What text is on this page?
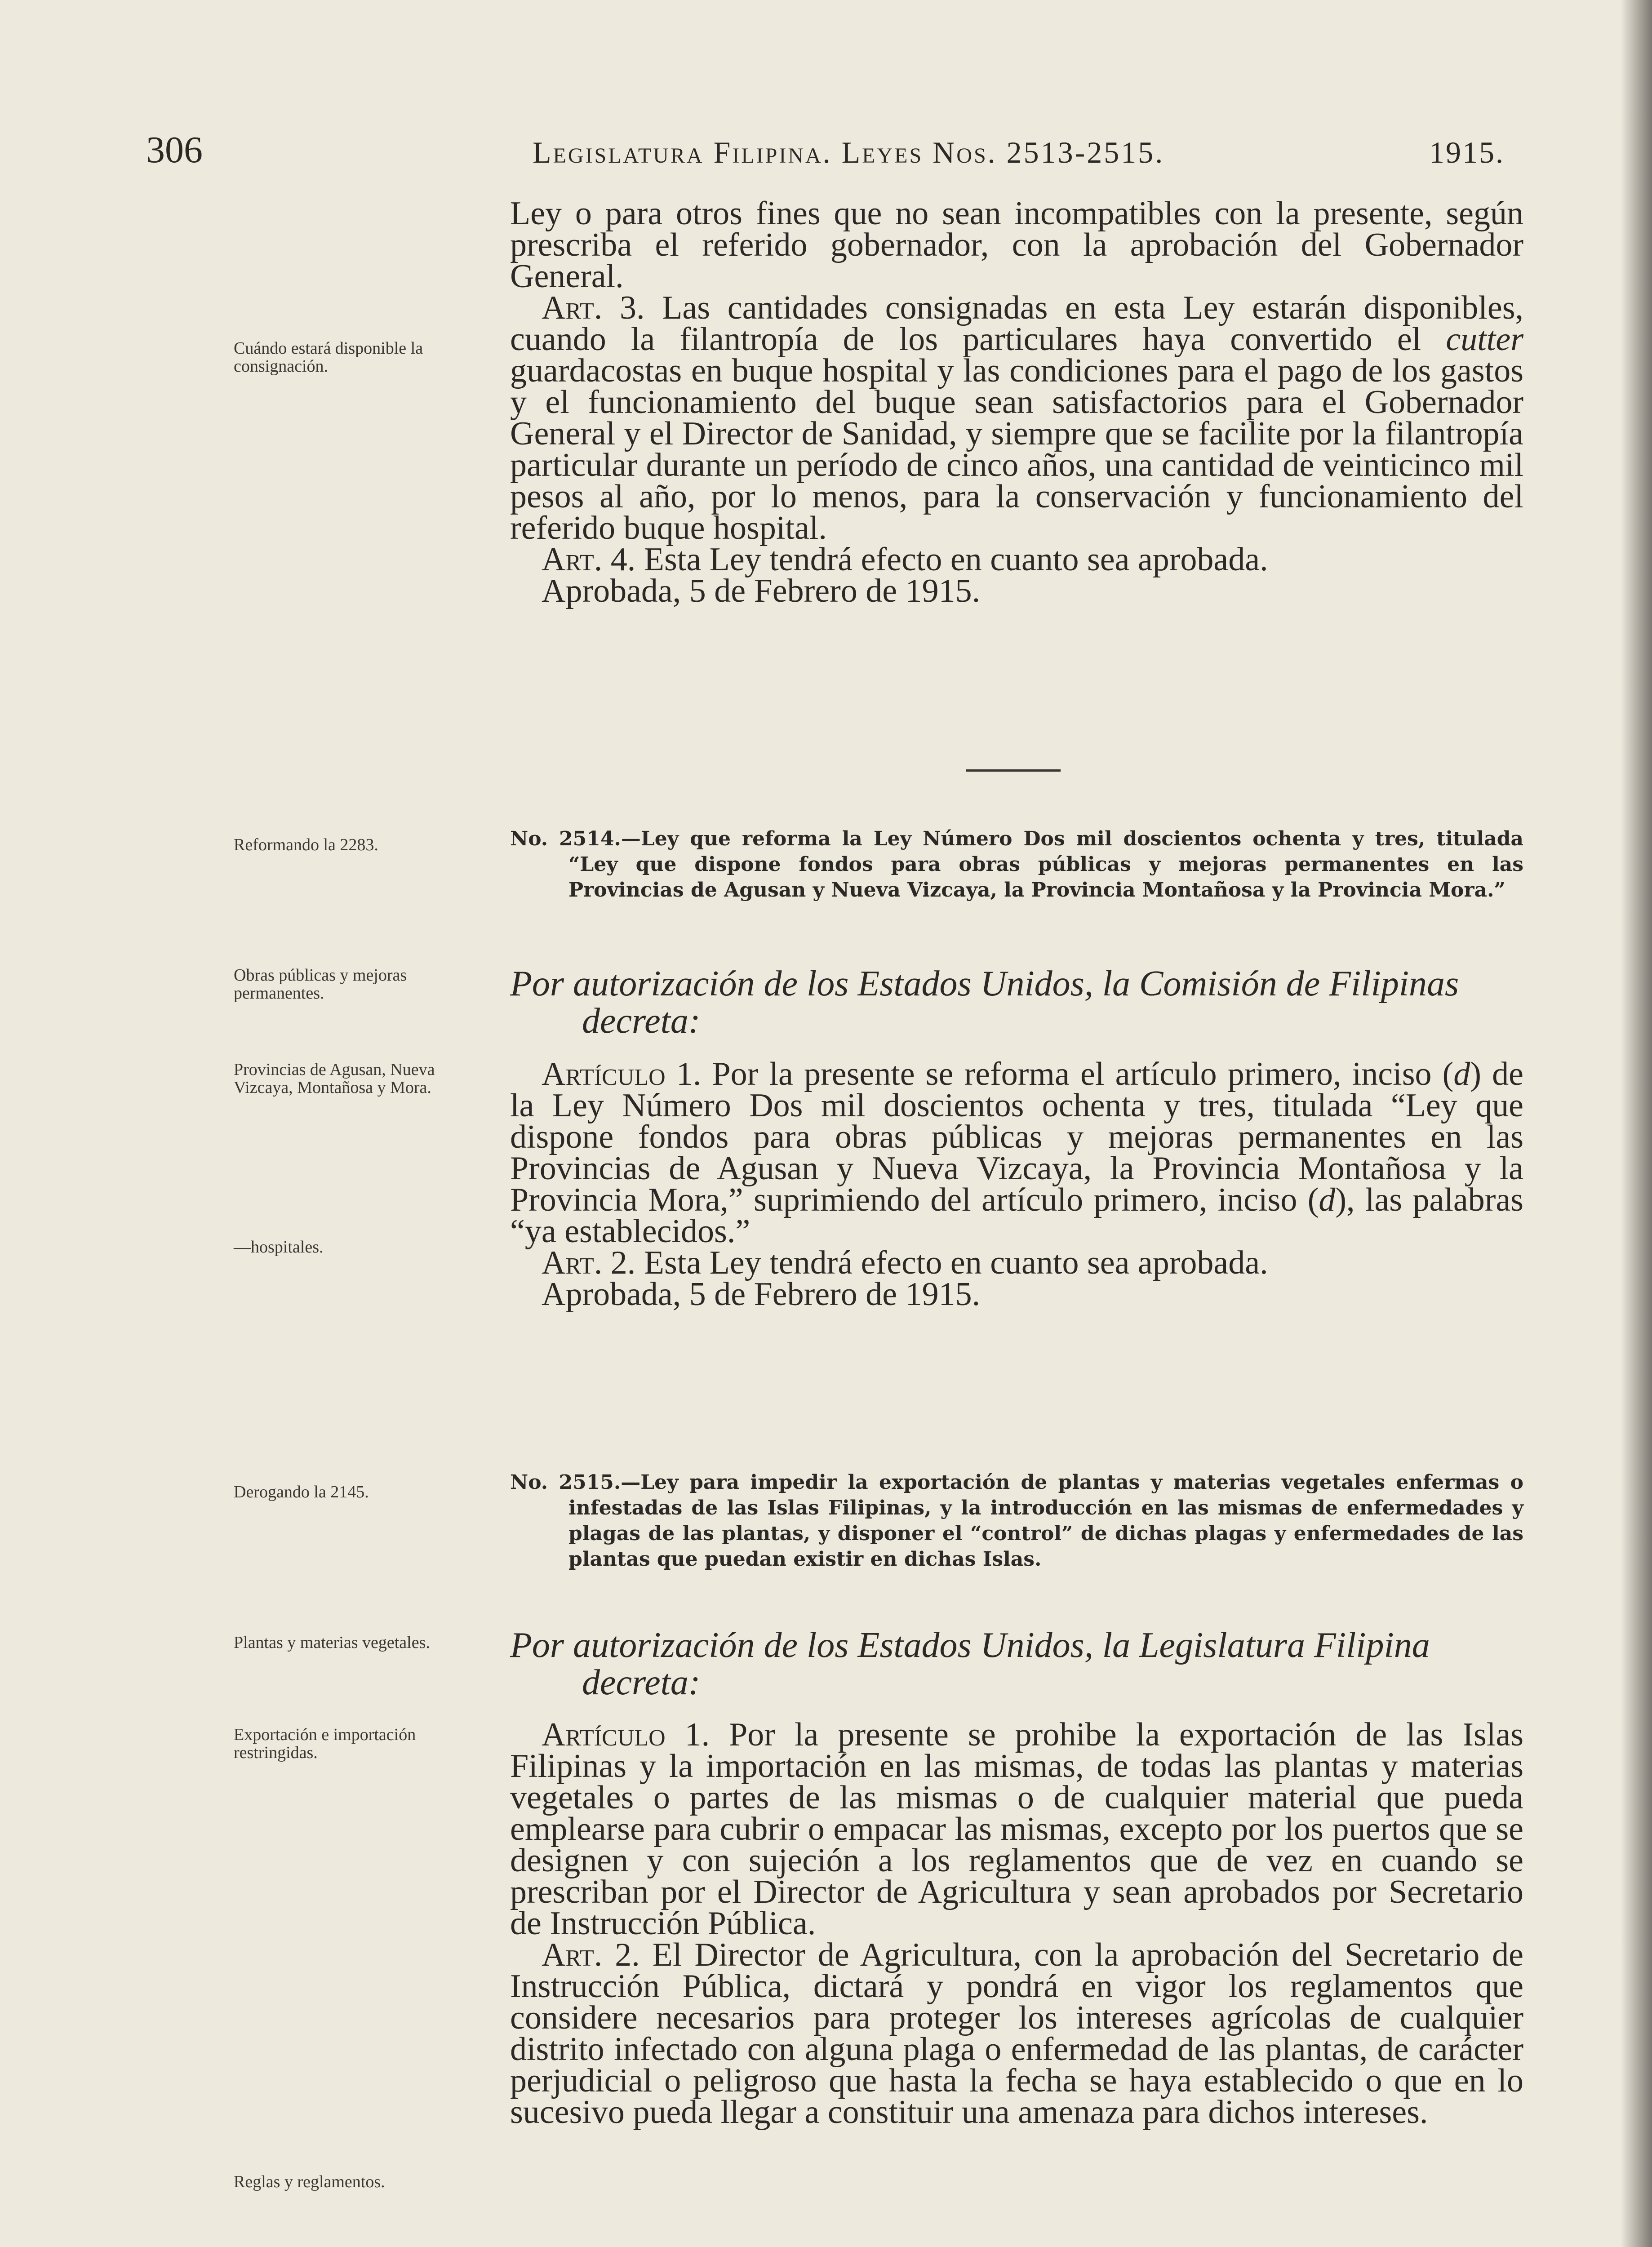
306	Legislatura Filipina. Leyes Nos. 2513-2515.	1915.

Ley o para otros fines que no sean incompatibles con la presente, según prescriba el referido gobernador, con la aprobación del Gobernador General.

Art. 3. Las cantidades consignadas en esta Ley estarán disponibles, cuando la filantropía de los particulares haya convertido el cutter guardacostas en buque hospital y las condiciones para el pago de los gastos y el funcionamiento del buque sean satisfactorios para el Gobernador General y el Director de Sanidad, y siempre que se facilite por la filantropía particular durante un período de cinco años, una cantidad de veinticinco mil pesos al año, por lo menos, para la conservación y funcionamiento del referido buque hospital.

Art. 4. Esta Ley tendrá efecto en cuanto sea aprobada.

Aprobada, 5 de Febrero de 1915.

Cuándo estará disponible la consignación.
Reformando la 2283.	No. 2514.—Ley que reforma la Ley Número Dos mil doscientos ochenta y tres, titulada “Ley que dispone fondos para obras públicas y mejoras permanentes en las Provincias de Agusan y Nueva Vizcaya, la Provincia Montañosa y la Provincia Mora.”
Obras públicas y mejoras permanentes.	Por autorización de los Estados Unidos, la Comisión de Filipinas decreta:
Provincias de Agusan, Nueva Vizcaya, Montañosa y Mora.
—hospitales.

Artículo 1. Por la presente se reforma el artículo primero, inciso (d) de la Ley Número Dos mil doscientos ochenta y tres, titulada “Ley que dispone fondos para obras públicas y mejoras permanentes en las Provincias de Agusan y Nueva Vizcaya, la Provincia Montañosa y la Provincia Mora,” suprimiendo del artículo primero, inciso (d), las palabras “ya establecidos.”

Art. 2. Esta Ley tendrá efecto en cuanto sea aprobada.

Aprobada, 5 de Febrero de 1915.

Derogando la 2145.	No. 2515.—Ley para impedir la exportación de plantas y materias vegetales enfermas o infestadas de las Islas Filipinas, y la introducción en las mismas de enfermedades y plagas de las plantas, y disponer el “control” de dichas plagas y enfermedades de las plantas que puedan existir en dichas Islas.
Plantas y materias vegetales.	Por autorización de los Estados Unidos, la Legislatura Filipina decreta:
Exportación e importación restringidas.
Reglas y reglamentos.

Artículo 1. Por la presente se prohibe la exportación de las Islas Filipinas y la importación en las mismas, de todas las plantas y materias vegetales o partes de las mismas o de cualquier material que pueda emplearse para cubrir o empacar las mismas, excepto por los puertos que se designen y con sujeción a los reglamentos que de vez en cuando se prescriban por el Director de Agricultura y sean aprobados por Secretario de Instrucción Pública.

Art. 2. El Director de Agricultura, con la aprobación del Secretario de Instrucción Pública, dictará y pondrá en vigor los reglamentos que considere necesarios para proteger los intereses agrícolas de cualquier distrito infectado con alguna plaga o enfermedad de las plantas, de carácter perjudicial o peligroso que hasta la fecha se haya establecido o que en lo sucesivo pueda llegar a constituir una amenaza para dichos intereses.
